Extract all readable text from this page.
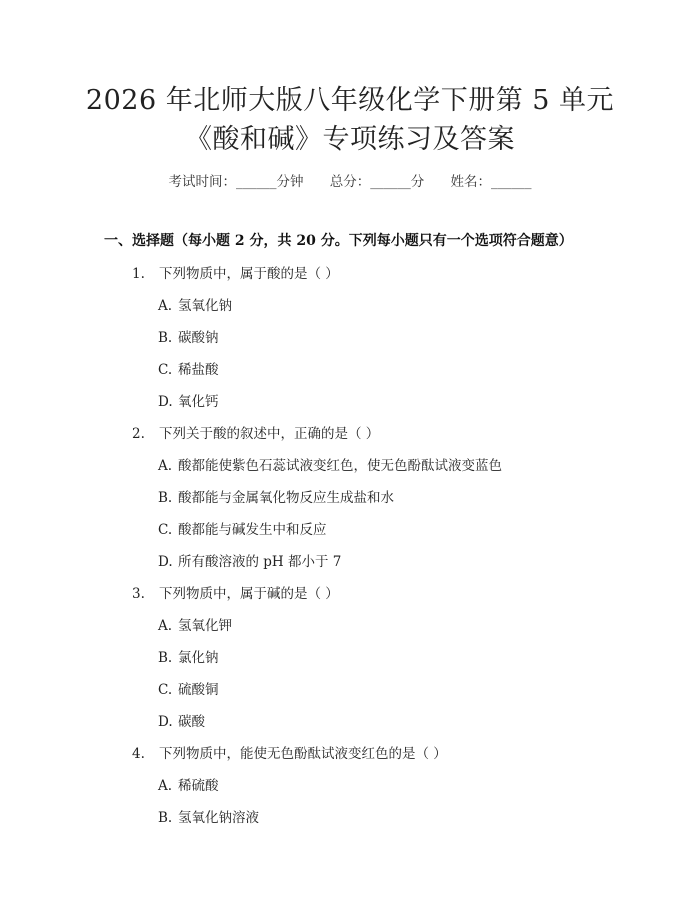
2026 年北师大版八年级化学下册第 5 单元
《酸和碱》专项练习及答案
考试时间：______分钟 总分：______分 姓名：______
一、选择题（每小题 2 分，共 20 分。下列每小题只有一个选项符合题意）
1. 下列物质中，属于酸的是（ ）
A. 氢氧化钠
B. 碳酸钠
C. 稀盐酸
D. 氧化钙
2. 下列关于酸的叙述中，正确的是（ ）
A. 酸都能使紫色石蕊试液变红色，使无色酚酞试液变蓝色
B. 酸都能与金属氧化物反应生成盐和水
C. 酸都能与碱发生中和反应
D. 所有酸溶液的 pH 都小于 7
3. 下列物质中，属于碱的是（ ）
A. 氢氧化钾
B. 氯化钠
C. 硫酸铜
D. 碳酸
4. 下列物质中，能使无色酚酞试液变红色的是（ ）
A. 稀硫酸
B. 氢氧化钠溶液
